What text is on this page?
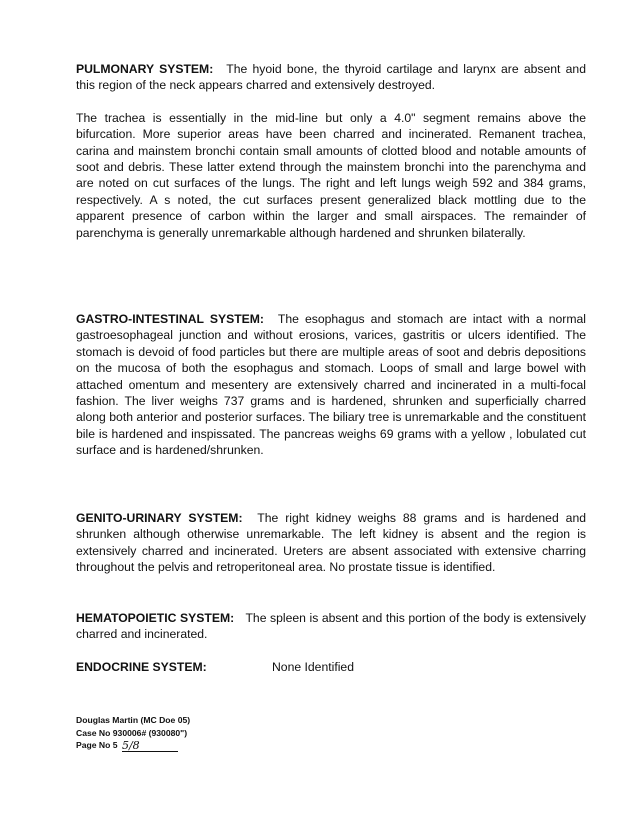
PULMONARY SYSTEM: The hyoid bone, the thyroid cartilage and larynx are absent and this region of the neck appears charred and extensively destroyed.

The trachea is essentially in the mid-line but only a 4.0" segment remains above the bifurcation. More superior areas have been charred and incinerated. Remanent trachea, carina and mainstem bronchi contain small amounts of clotted blood and notable amounts of soot and debris. These latter extend through the mainstem bronchi into the parenchyma and are noted on cut surfaces of the lungs. The right and left lungs weigh 592 and 384 grams, respectively. A s noted, the cut surfaces present generalized black mottling due to the apparent presence of carbon within the larger and small airspaces. The remainder of parenchyma is generally unremarkable although hardened and shrunken bilaterally.

GASTRO-INTESTINAL SYSTEM: The esophagus and stomach are intact with a normal gastroesophageal junction and without erosions, varices, gastritis or ulcers identified. The stomach is devoid of food particles but there are multiple areas of soot and debris depositions on the mucosa of both the esophagus and stomach. Loops of small and large bowel with attached omentum and mesentery are extensively charred and incinerated in a multi-focal fashion. The liver weighs 737 grams and is hardened, shrunken and superficially charred along both anterior and posterior surfaces. The biliary tree is unremarkable and the constituent bile is hardened and inspissated. The pancreas weighs 69 grams with a yellow , lobulated cut surface and is hardened/shrunken.

GENITO-URINARY SYSTEM: The right kidney weighs 88 grams and is hardened and shrunken although otherwise unremarkable. The left kidney is absent and the region is extensively charred and incinerated. Ureters are absent associated with extensive charring throughout the pelvis and retroperitoneal area. No prostate tissue is identified.

HEMATOPOIETIC SYSTEM: The spleen is absent and this portion of the body is extensively charred and incinerated.

ENDOCRINE SYSTEM:	None Identified
Douglas Martin (MC Doe 05)
Case No 930006# (930080")
Page No 5 5/8
